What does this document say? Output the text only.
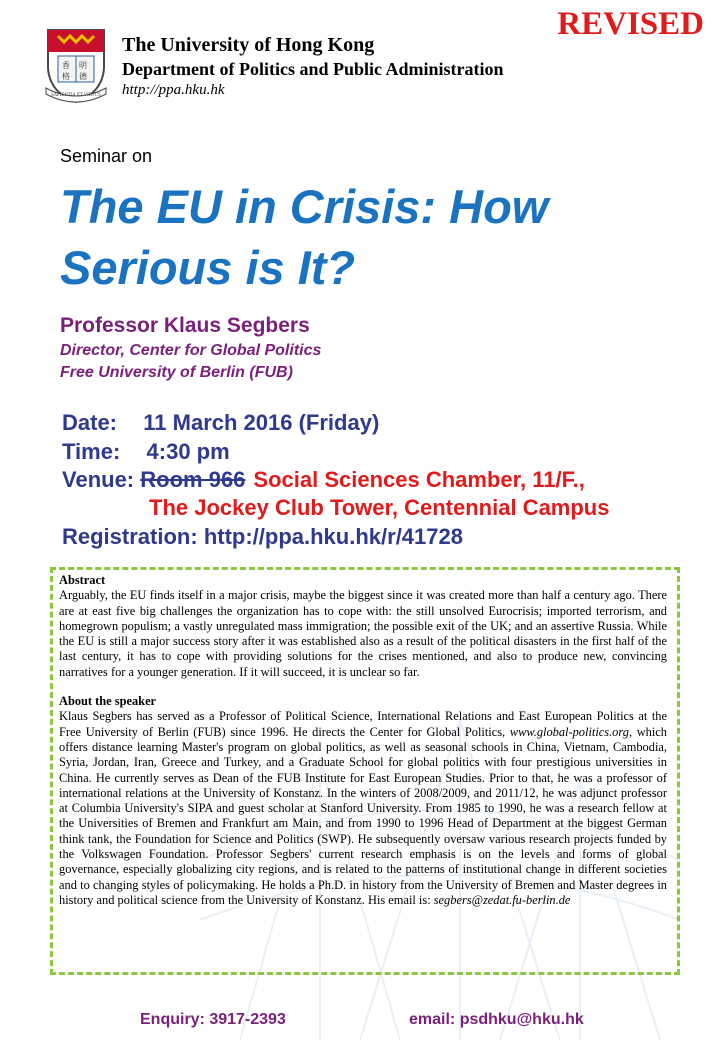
香 明
格 德
SAPIENTIA ET VIRTUS
The University of Hong Kong
Department of Politics and Public Administration
http://ppa.hku.hk
REVISED
Seminar on
The EU in Crisis: How
Serious is It?
Professor Klaus Segbers
Director, Center for Global Politics
Free University of Berlin (FUB)
Date: 11 March 2016 (Friday)
Time: 4:30 pm
Venue: Room 966 Social Sciences Chamber, 11/F.,
The Jockey Club Tower, Centennial Campus
Registration: http://ppa.hku.hk/r/41728
Abstract

Arguably, the EU finds itself in a major crisis, maybe the biggest since it was created more than half a century ago. There are at east five big challenges the organization has to cope with: the still unsolved Eurocrisis; imported terrorism, and homegrown populism; a vastly unregulated mass immigration; the possible exit of the UK; and an assertive Russia. While the EU is still a major success story after it was established also as a result of the political disasters in the first half of the last century, it has to cope with providing solutions for the crises mentioned, and also to produce new, convincing narratives for a younger generation. If it will succeed, it is unclear so far.

About the speaker

Klaus Segbers has served as a Professor of Political Science, International Relations and East European Politics at the Free University of Berlin (FUB) since 1996. He directs the Center for Global Politics, www.global-politics.org, which offers distance learning Master's program on global politics, as well as seasonal schools in China, Vietnam, Cambodia, Syria, Jordan, Iran, Greece and Turkey, and a Graduate School for global politics with four prestigious universities in China. He currently serves as Dean of the FUB Institute for East European Studies. Prior to that, he was a professor of international relations at the University of Konstanz. In the winters of 2008/2009, and 2011/12, he was adjunct professor at Columbia University's SIPA and guest scholar at Stanford University. From 1985 to 1990, he was a research fellow at the Universities of Bremen and Frankfurt am Main, and from 1990 to 1996 Head of Department at the biggest German think tank, the Foundation for Science and Politics (SWP). He subsequently oversaw various research projects funded by the Volkswagen Foundation. Professor Segbers' current research emphasis is on the levels and forms of global governance, especially globalizing city regions, and is related to the patterns of institutional change in different societies and to changing styles of policymaking. He holds a Ph.D. in history from the University of Bremen and Master degrees in history and political science from the University of Konstanz. His email is: segbers@zedat.fu-berlin.de

Enquiry: 3917-2393	email: psdhku@hku.hk
